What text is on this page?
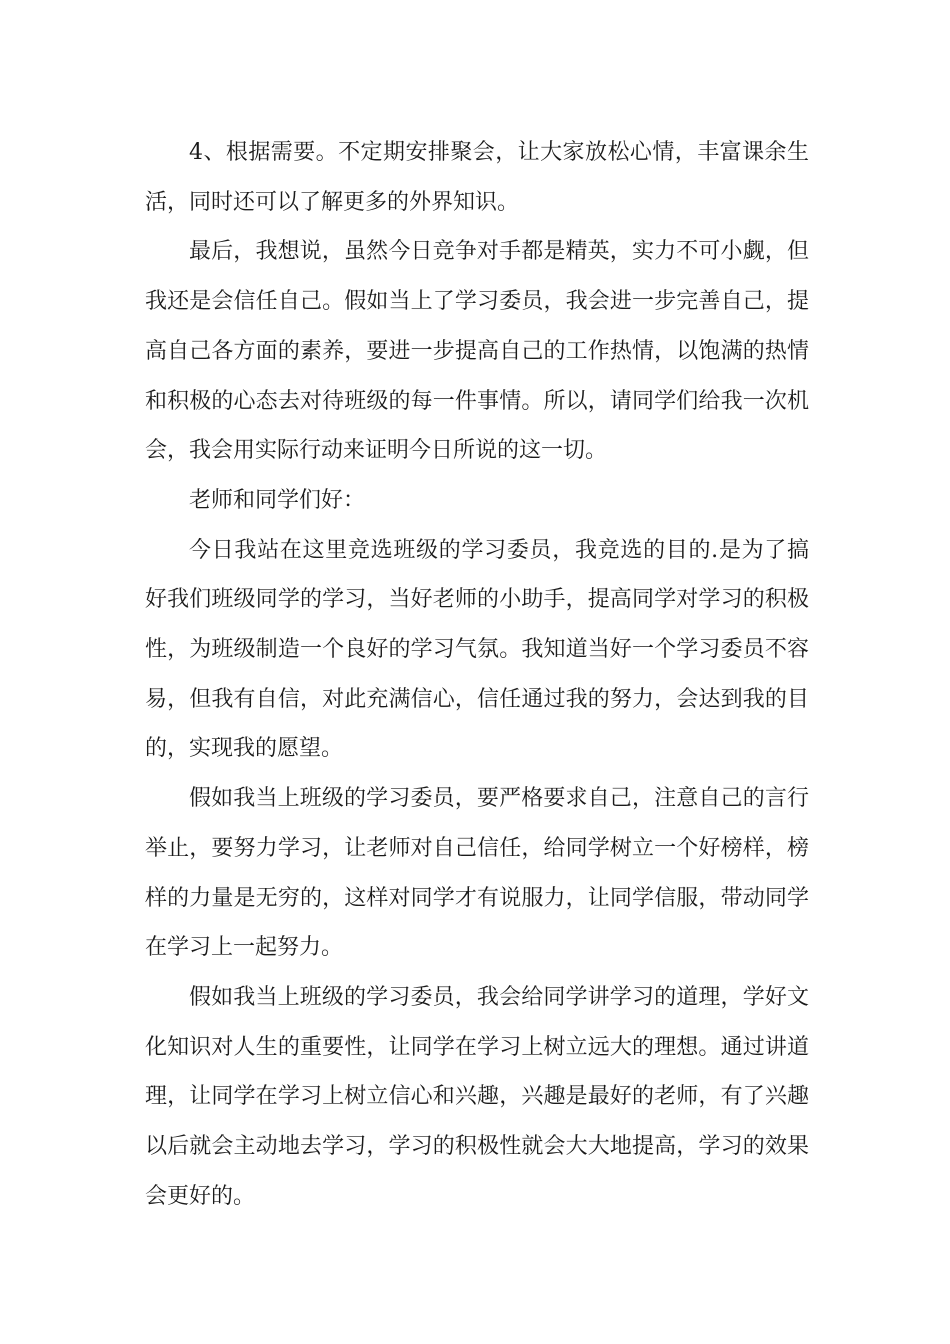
4、根据需要。不定期安排聚会，让大家放松心情，丰富课余生活，同时还可以了解更多的外界知识。

最后，我想说，虽然今日竞争对手都是精英，实力不可小觑，但我还是会信任自己。假如当上了学习委员，我会进一步完善自己，提高自己各方面的素养，要进一步提高自己的工作热情，以饱满的热情和积极的心态去对待班级的每一件事情。所以，请同学们给我一次机会，我会用实际行动来证明今日所说的这一切。

老师和同学们好：

今日我站在这里竞选班级的学习委员，我竞选的目的.是为了搞好我们班级同学的学习，当好老师的小助手，提高同学对学习的积极性，为班级制造一个良好的学习气氛。我知道当好一个学习委员不容易，但我有自信，对此充满信心，信任通过我的努力，会达到我的目的，实现我的愿望。

假如我当上班级的学习委员，要严格要求自己，注意自己的言行举止，要努力学习，让老师对自己信任，给同学树立一个好榜样，榜样的力量是无穷的，这样对同学才有说服力，让同学信服，带动同学在学习上一起努力。

假如我当上班级的学习委员，我会给同学讲学习的道理，学好文化知识对人生的重要性，让同学在学习上树立远大的理想。通过讲道理，让同学在学习上树立信心和兴趣，兴趣是最好的老师，有了兴趣以后就会主动地去学习，学习的积极性就会大大地提高，学习的效果会更好的。
